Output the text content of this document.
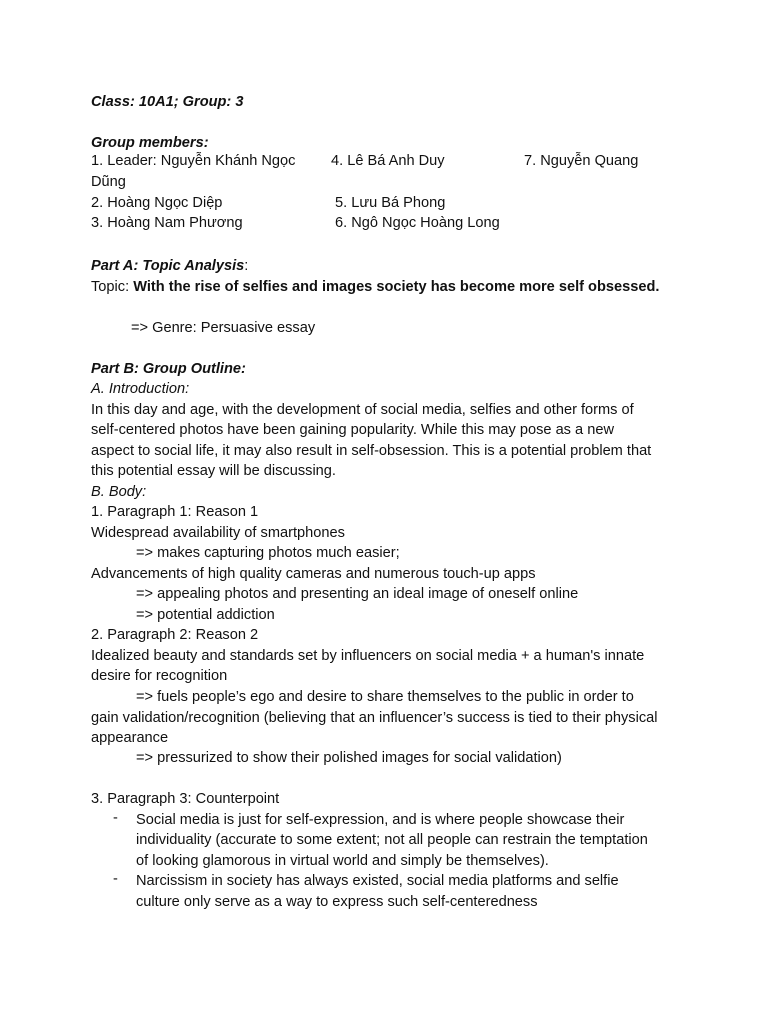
Class: 10A1; Group: 3

Group members:

1. Leader: Nguyễn Khánh Ngọc 4. Lê Bá Anh Duy	7. Nguyễn Quang
Dũng
2. Hoàng Ngọc Diệp	5. Lưu Bá Phong
3. Hoàng Nam Phương	6. Ngô Ngọc Hoàng Long

Part A: Topic Analysis:

Topic: With the rise of selfies and images society has become more self obsessed.

=> Genre: Persuasive essay

Part B: Group Outline:

A. Introduction:

In this day and age, with the development of social media, selfies and other forms of

self-centered photos have been gaining popularity. While this may pose as a new

aspect to social life, it may also result in self-obsession. This is a potential problem that

this potential essay will be discussing.

B. Body:

1. Paragraph 1: Reason 1

Widespread availability of smartphones

=> makes capturing photos much easier;

Advancements of high quality cameras and numerous touch-up apps

=> appealing photos and presenting an ideal image of oneself online

=> potential addiction

2. Paragraph 2: Reason 2

Idealized beauty and standards set by influencers on social media + a human's innate

desire for recognition

=> fuels people’s ego and desire to share themselves to the public in order to

gain validation/recognition (believing that an influencer’s success is tied to their physical

appearance

=> pressurized to show their polished images for social validation)

3. Paragraph 3: Counterpoint

- Social media is just for self-expression, and is where people showcase their
individuality (accurate to some extent; not all people can restrain the temptation
of looking glamorous in virtual world and simply be themselves).
- Narcissism in society has always existed, social media platforms and selfie
culture only serve as a way to express such self-centeredness
